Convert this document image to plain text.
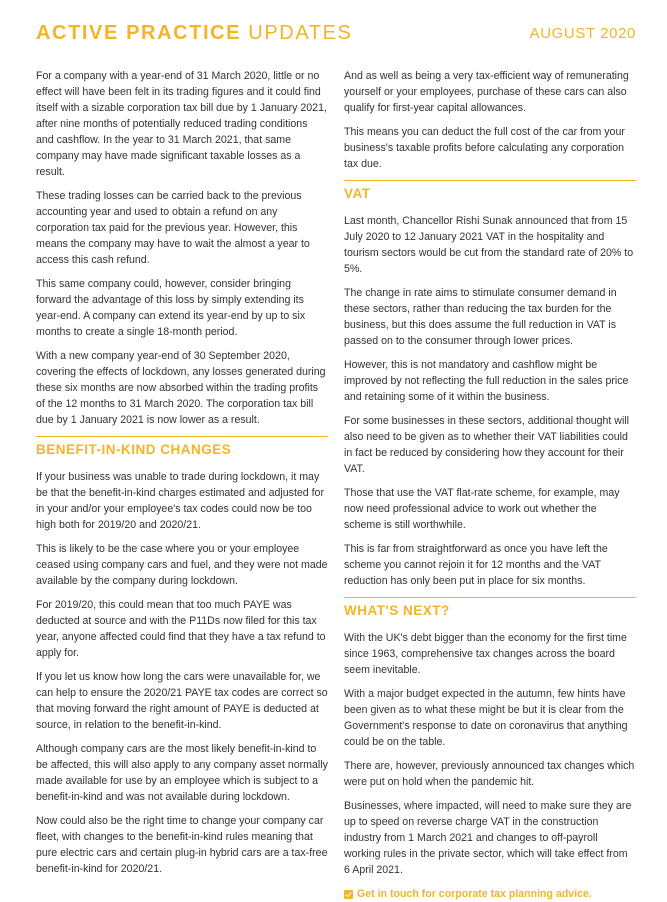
ACTIVE PRACTICE UPDATES	AUGUST 2020

For a company with a year-end of 31 March 2020, little or no effect will have been felt in its trading figures and it could find itself with a sizable corporation tax bill due by 1 January 2021, after nine months of potentially reduced trading conditions and cashflow. In the year to 31 March 2021, that same company may have made significant taxable losses as a result.

These trading losses can be carried back to the previous accounting year and used to obtain a refund on any corporation tax paid for the previous year. However, this means the company may have to wait the almost a year to access this cash refund.

This same company could, however, consider bringing forward the advantage of this loss by simply extending its year-end. A company can extend its year-end by up to six months to create a single 18-month period.

With a new company year-end of 30 September 2020, covering the effects of lockdown, any losses generated during these six months are now absorbed within the trading profits of the 12 months to 31 March 2020. The corporation tax bill due by 1 January 2021 is now lower as a result.

BENEFIT-IN-KIND CHANGES

If your business was unable to trade during lockdown, it may be that the benefit-in-kind charges estimated and adjusted for in your and/or your employee's tax codes could now be too high both for 2019/20 and 2020/21.

This is likely to be the case where you or your employee ceased using company cars and fuel, and they were not made available by the company during lockdown.

For 2019/20, this could mean that too much PAYE was deducted at source and with the P11Ds now filed for this tax year, anyone affected could find that they have a tax refund to apply for.

If you let us know how long the cars were unavailable for, we can help to ensure the 2020/21 PAYE tax codes are correct so that moving forward the right amount of PAYE is deducted at source, in relation to the benefit-in-kind.

Although company cars are the most likely benefit-in-kind to be affected, this will also apply to any company asset normally made available for use by an employee which is subject to a benefit-in-kind and was not available during lockdown.

Now could also be the right time to change your company car fleet, with changes to the benefit-in-kind rules meaning that pure electric cars and certain plug-in hybrid cars are a tax-free benefit-in-kind for 2020/21.

And as well as being a very tax-efficient way of remunerating yourself or your employees, purchase of these cars can also qualify for first-year capital allowances.

This means you can deduct the full cost of the car from your business's taxable profits before calculating any corporation tax due.

VAT

Last month, Chancellor Rishi Sunak announced that from 15 July 2020 to 12 January 2021 VAT in the hospitality and tourism sectors would be cut from the standard rate of 20% to 5%.

The change in rate aims to stimulate consumer demand in these sectors, rather than reducing the tax burden for the business, but this does assume the full reduction in VAT is passed on to the consumer through lower prices.

However, this is not mandatory and cashflow might be improved by not reflecting the full reduction in the sales price and retaining some of it within the business.

For some businesses in these sectors, additional thought will also need to be given as to whether their VAT liabilities could in fact be reduced by considering how they account for their VAT.

Those that use the VAT flat-rate scheme, for example, may now need professional advice to work out whether the scheme is still worthwhile.

This is far from straightforward as once you have left the scheme you cannot rejoin it for 12 months and the VAT reduction has only been put in place for six months.

WHAT'S NEXT?

With the UK's debt bigger than the economy for the first time since 1963, comprehensive tax changes across the board seem inevitable.

With a major budget expected in the autumn, few hints have been given as to what these might be but it is clear from the Government's response to date on coronavirus that anything could be on the table.

There are, however, previously announced tax changes which were put on hold when the pandemic hit.

Businesses, where impacted, will need to make sure they are up to speed on reverse charge VAT in the construction industry from 1 March 2021 and changes to off-payroll working rules in the private sector, which will take effect from 6 April 2021.

Get in touch for corporate tax planning advice.
